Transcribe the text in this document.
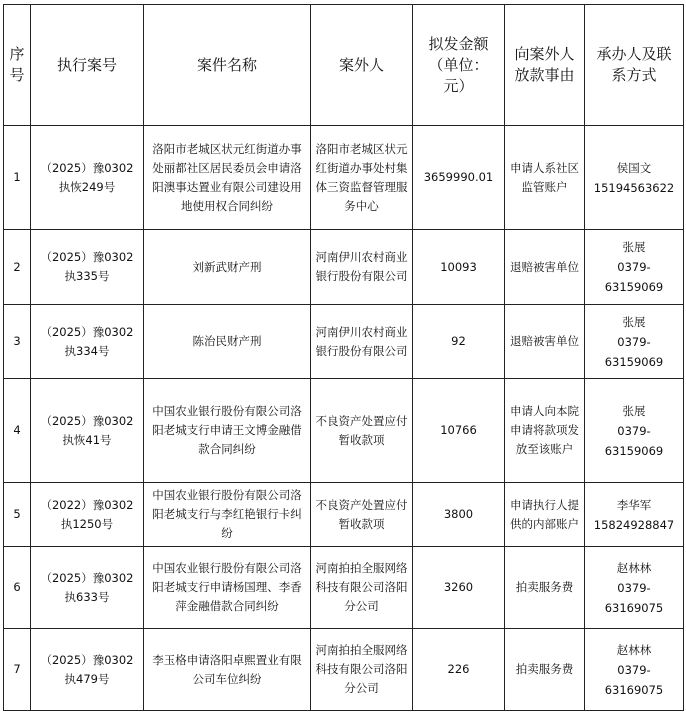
序号	执行案号	案件名称	案外人	拟发金额（单位：元）	向案外人放款事由	承办人及联系方式
1	（2025）豫0302执恢249号	洛阳市老城区状元红街道办事处丽都社区居民委员会申请洛阳澳事达置业有限公司建设用地使用权合同纠纷	洛阳市老城区状元红街道办事处村集体三资监督管理服务中心	3659990.01	申请人系社区监管账户	侯国文
15194563622

2	（2025）豫0302执335号	刘新武财产刑	河南伊川农村商业银行股份有限公司	10093	退赔被害单位	张展
0379-63159069

3	（2025）豫0302执334号	陈治民财产刑	河南伊川农村商业银行股份有限公司	92	退赔被害单位	张展
0379-63159069

4	（2025）豫0302执恢41号	中国农业银行股份有限公司洛阳老城支行申请王文博金融借款合同纠纷	不良资产处置应付暂收款项	10766	申请人向本院申请将款项发放至该账户	张展
0379-63159069

5	（2022）豫0302执1250号	中国农业银行股份有限公司洛阳老城支行与李红艳银行卡纠纷	不良资产处置应付暂收款项	3800	申请执行人提供的内部账户	李华军
15824928847

6	（2025）豫0302执633号	中国农业银行股份有限公司洛阳老城支行申请杨国理、李香萍金融借款合同纠纷	河南拍拍全服网络科技有限公司洛阳分公司	3260	拍卖服务费	赵林林
0379-63169075

7	（2025）豫0302执479号	李玉格申请洛阳卓熙置业有限公司车位纠纷	河南拍拍全服网络科技有限公司洛阳分公司	226	拍卖服务费	赵林林
0379-63169075
